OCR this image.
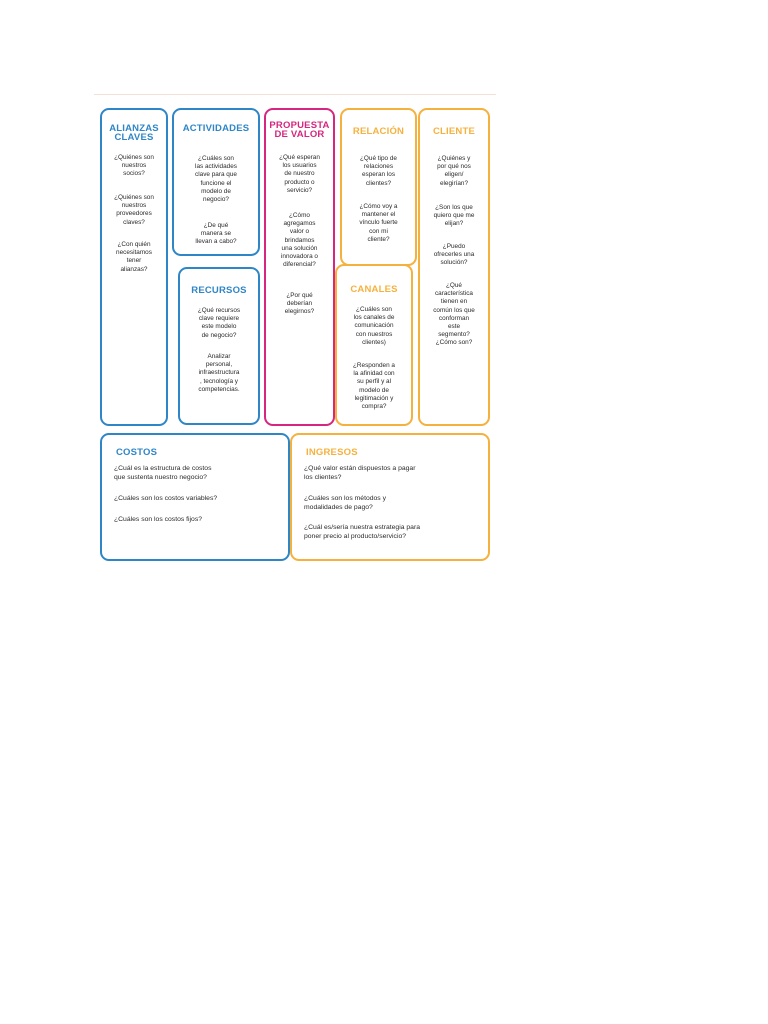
ALIANZAS
CLAVES
¿Quiénes son
nuestros
socios?
¿Quiénes son
nuestros
proveedores
claves?
¿Con quién
necesitamos
tener
alianzas?
ACTIVIDADES
¿Cuáles son
las actividades
clave para que
funcione el
modelo de
negocio?
¿De qué
manera se
llevan a cabo?
RECURSOS
¿Qué recursos
clave requiere
este modelo
de negocio?
Analizar
personal,
infraestructura
, tecnología y
competencias.
PROPUESTA
DE VALOR
¿Qué esperan
los usuarios
de nuestro
producto o
servicio?
¿Cómo
agregamos
valor o
brindamos
una solución
innovadora o
diferencial?
¿Por qué
deberían
elegirnos?
RELACIÓN
¿Qué tipo de
relaciones
esperan los
clientes?
¿Cómo voy a
mantener el
vínculo fuerte
con mi
cliente?
CANALES
¿Cuáles son
los canales de
comunicación
con nuestros
clientes)
¿Responden a
la afinidad con
su perfil y al
modelo de
legitimación y
compra?
CLIENTE
¿Quiénes y
por qué nos
eligen/
elegirían?
¿Son los que
quiero que me
elijan?
¿Puedo
ofrecerles una
solución?
¿Qué
característica
tienen en
común los que
conforman
este
segmento?
¿Cómo son?
COSTOS
¿Cuál es la estructura de costos
que sustenta nuestro negocio?
¿Cuáles son los costos variables?
¿Cuáles son los costos fijos?
INGRESOS
¿Qué valor están dispuestos a pagar
los clientes?
¿Cuáles son los métodos y
modalidades de pago?
¿Cuál es/sería nuestra estrategia para
poner precio al producto/servicio?
